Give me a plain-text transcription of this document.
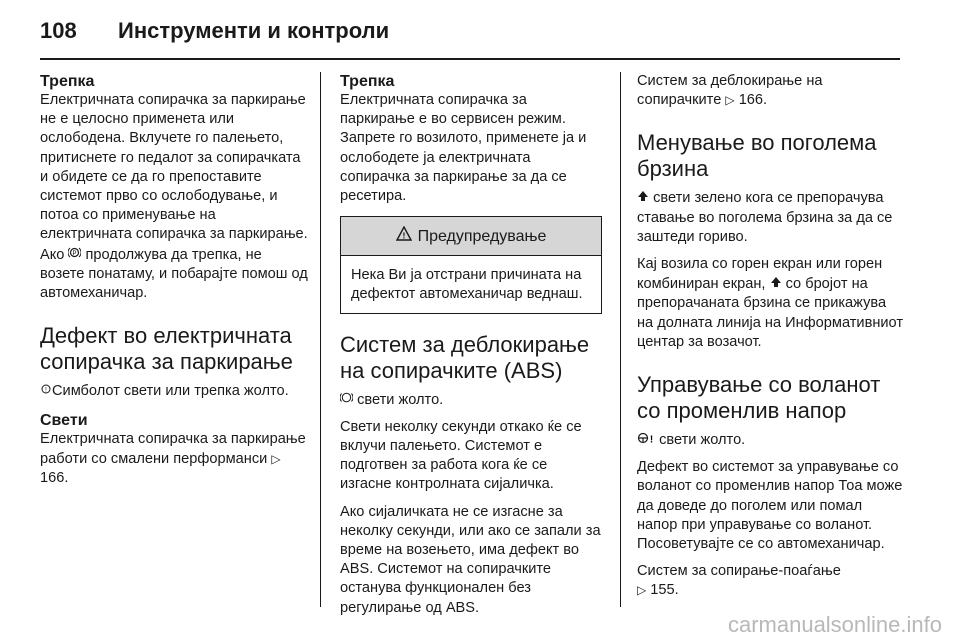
108 Инструменти и контроли
Трепка

Електричната сопирачка за паркирање не е целосно применета или ослободена. Вклучете го палењето, притиснете го педалот за сопирачката и обидете се да го препоставите системот прво со ослободување, и потоа со применување на електричната сопирачка за паркирање. Ако P продолжува да трепка, не возете понатаму, и побарајте помош од автомеханичар.

Дефект во електричната сопирачка за паркирање

! Симболот свети или трепка жолто.

Свети

Електричната сопирачка за паркирање работи со смалени перформанси ▷ 166.

Трепка

Електричната сопирачка за паркирање е во сервисен режим. Запрете го возилото, применете ја и ослободете ја електричната сопирачка за паркирање за да се ресетира.

! Предупредување
Нека Ви ја отстрани причината на дефектот автомеханичар веднаш.
Систем за деблокирање на сопирачките (ABS)

свети жолто.

Свети неколку секунди откако ќе се вклучи палењето. Системот е подготвен за работа кога ќе се изгасне контролната сијаличка.

Ако сијаличката не се изгасне за неколку секунди, или ако се запали за време на возењето, има дефект во ABS. Системот на сопирачките останува функционален без регулирање од ABS.

Систем за деблокирање на сопирачките ▷ 166.

Менување во поголема брзина

свети зелено кога се препорачува ставање во поголема брзина за да се заштеди гориво.

Кај возила со горен екран или горен комбиниран екран, со бројот на препорачаната брзина се прикажува на долната линија на Информативниот центар за возачот.

Управување со воланот со променлив напор

! свети жолто.

Дефект во системот за управување со воланот со променлив напор Тоа може да доведе до поголем или помал напор при управување со воланот. Посоветувајте се со автомеханичар.

Систем за сопирање-поаѓање
▷ 155.

carmanualsonline.info
